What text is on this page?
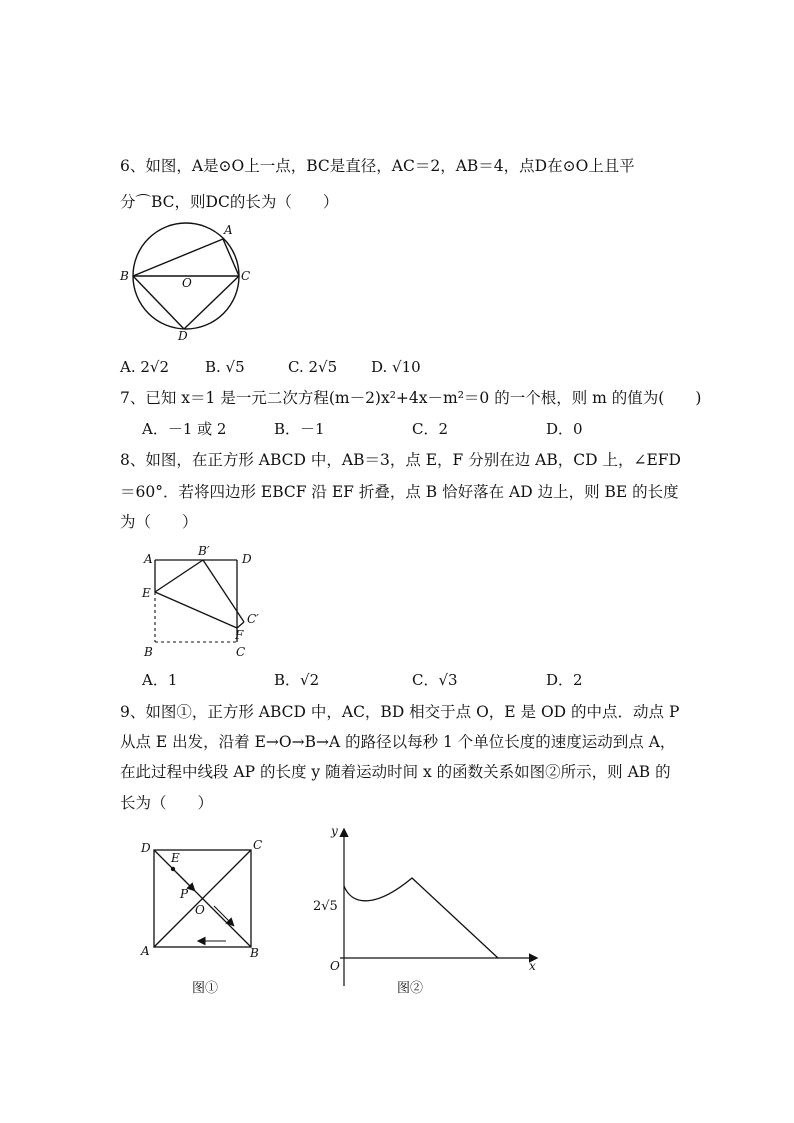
6、如图，A是⊙O上一点，BC是直径，AC＝2，AB＝4，点D在⊙O上且平
分⌒BC，则DC的长为（　　）
A
B	C
O
D
A. 2√2 B. √5	C. 2√5 D. √10
7、已知 x＝1 是一元二次方程(m－2)x²+4x－m²＝0 的一个根，则 m 的值为(　　)
A．－1 或 2	B．－1	C．2	D．0
8、如图，在正方形 ABCD 中，AB＝3，点 E，F 分别在边 AB，CD 上，∠EFD
＝60°．若将四边形 EBCF 沿 EF 折叠，点 B 恰好落在 AD 边上，则 BE 的长度
为（　　）
A
B′
D
E
C′
F
B	C
A．1	B．√2	C．√3	D．2
9、如图①，正方形 ABCD 中，AC，BD 相交于点 O，E 是 OD 的中点．动点 P
从点 E 出发，沿着 E→O→B→A 的路径以每秒 1 个单位长度的速度运动到点 A，
在此过程中线段 AP 的长度 y 随着运动时间 x 的函数关系如图②所示，则 AB 的
长为（　　）
D	C
E
P
O
A	B
图①
y
x
O
2√5
图②
